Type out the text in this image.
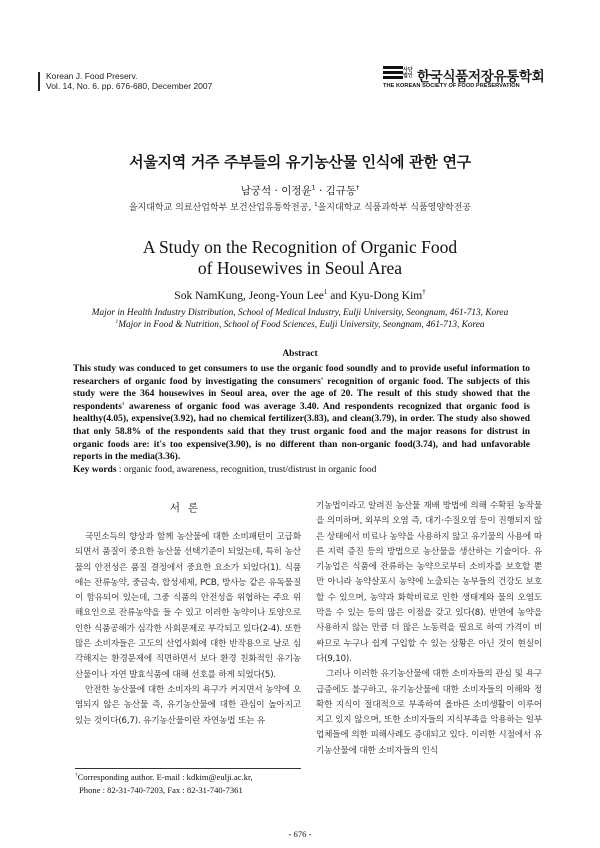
Korean J. Food Preserv.
Vol. 14, No. 6. pp. 676-680, December 2007
사단법인 한국식품저장유통학회
THE KOREAN SOCIETY OF FOOD PRESERVATION
서울지역 거주 주부들의 유기농산물 인식에 관한 연구
남궁석 · 이정윤$^1$ · 김규동†
을지대학교 의료산업학부 보건산업유통학전공, $^1$을지대학교 식품과학부 식품영양학전공
A Study on the Recognition of Organic Food
of Housewives in Seoul Area
Sok NamKung, Jeong-Youn Lee$^1$ and Kyu-Dong Kim†
Major in Health Industry Distribution, School of Medical Industry, Eulji University, Seongnam, 461-713, Korea
$^1$Major in Food & Nutrition, School of Food Sciences, Eulji University, Seongnam, 461-713, Korea
Abstract
This study was conduced to get consumers to use the organic food soundly and to provide useful information to researchers of organic food by investigating the consumers' recognition of organic food. The subjects of this study were the 364 housewives in Seoul area, over the age of 20. The result of this study showed that the respondents' awareness of organic food was average 3.40. And respondents recognized that organic food is healthy(4.05), expensive(3.92), had no chemical fertilizer(3.83), and clean(3.79), in order. The study also showed that only 58.8% of the respondents said that they trust organic food and the major reasons for distrust in organic foods are: it's too expensive(3.90), is no different than non-organic food(3.74), and had unfavorable reports in the media(3.36).
Key words : organic food, awareness, recognition, trust/distrust in organic food
서론

국민소득의 향상과 함께 농산물에 대한 소비패턴이 고급화되면서 품질이 중요한 농산물 선택기준이 되었는데, 특히 농산물의 안전성은 품질 결정에서 중요한 요소가 되었다(1). 식품에는 잔류농약, 중금속, 합성세제, PCB, 방사능 같은 유독물질이 함유되어 있는데, 그중 식품의 안전성을 위협하는 주요 위해요인으로 잔류농약을 들 수 있고 이러한 농약이나 토양으로 인한 식품공해가 심각한 사회문제로 부각되고 있다(2-4). 또한 많은 소비자들은 고도의 산업사회에 대한 반작용으로 날로 심각해지는 환경문제에 직면하면서 보다 환경 친화적인 유기농산물이나 자연 발효식품에 대해 선호를 하게 되었다(5).

안전한 농산물에 대한 소비자의 욕구가 커지면서 농약에 오염되지 않은 농산물 즉, 유기농산물에 대한 관심이 높아지고 있는 것이다(6,7). 유기농산물이란 자연농법 또는 유

기농법이라고 알려진 농산물 재배 방법에 의해 수확된 농작물을 의미하며, 외부의 오염 즉, 대기·수질오염 등이 진행되지 않은 상태에서 비료나 농약을 사용하지 않고 유기물의 사용에 따른 지력 증진 등의 방법으로 농산물을 생산하는 기술이다. 유기농업은 식품에 잔류하는 농약으로부터 소비자를 보호할 뿐만 아니라 농약살포시 농약에 노출되는 농부들의 건강도 보호할 수 있으며, 농약과 화학비료로 인한 생태계와 물의 오염도 막을 수 있는 등의 많은 이점을 갖고 있다(8). 반면에 농약을 사용하지 않는 만큼 더 많은 노동력을 필요로 하여 가격이 비싸므로 누구나 쉽게 구입할 수 있는 상황은 아닌 것이 현실이다(9,10).

그러나 이러한 유기농산물에 대한 소비자들의 관심 및 욕구 급증에도 불구하고, 유기농산물에 대한 소비자들의 이해와 정확한 지식이 절대적으로 부족하여 올바른 소비생활이 이루어지고 있지 않으며, 또한 소비자들의 지식부족을 악용하는 일부 업체들에 의한 피해사례도 증대되고 있다. 이러한 시점에서 유기농산물에 대한 소비자들의 인식

†Corresponding author. E-mail : kdkim@eulji.ac.kr,
Phone : 82-31-740-7203, Fax : 82-31-740-7361
- 676 -
